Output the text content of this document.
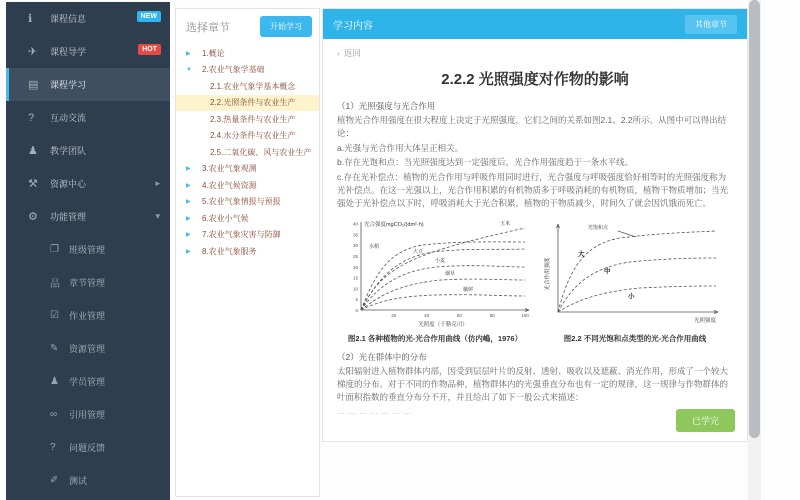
ℹ	课程信息	NEW
✈	课程导学	HOT
▤	课程学习
?	互动交流
♟	教学团队
⚒	资源中心	▸
⚙	功能管理	▾
❐	班级管理
品	章节管理
☑	作业管理
✎	资源管理
♟	学员管理
∞	引用管理
?	问题反馈
✐	测试
选择章节	开始学习
▶ 1.概论
▼ 2.农业气象学基础
2.1.农业气象学基本概念
2.2.光照条件与农业生产
2.3.热量条件与农业生产
2.4.水分条件与农业生产
2.5.二氧化碳、风与农业生产
▶ 3.农业气象观测
▶ 4.农业气候资源
▶ 5.农业气象情报与预报
▶ 6.农业小气候
▶ 7.农业气象灾害与防御
▶ 8.农业气象服务
学习内容	其他章节
‹ 返回
2.2.2 光照强度对作物的影响
（1）光照强度与光合作用
植物光合作用强度在很大程度上决定于光照强度，它们之间的关系如图2.1、2.2所示。从图中可以得出结论：
a.光强与光合作用大体呈正相关。
b.存在光饱和点：当光照强度达到一定强度后，光合作用强度趋于一条水平线。
c.存在光补偿点：植物的光合作用与呼吸作用同时进行，光合强度与呼吸强度恰好相等时的光照强度称为光补偿点。在这一光强以上，光合作用积累的有机物质多于呼吸消耗的有机物质，植物干物质增加；当光强处于光补偿点以下时，呼吸消耗大于光合积累，植物的干物质减少，时间久了就会因饥饿而死亡。
光合强度mgCO₂/(dm²·h)
40
35
30
25
20
15
10
5
0
20	40	60	80	100
光照度（千勒克司）
玉米
水稻
大豆
小麦
烟草
槭树
图2.1 各种植物的光-光合作用曲线（仿内嶋，1976）
光合作用强度
光饱和点
大
中
小
光照强度
图2.2 不同光饱和点类型的光-光合作用曲线
（2）光在群体中的分布
太阳辐射进入植物群体内部，因受到层层叶片的反射、透射、吸收以及遮蔽、消光作用，形成了一个较大梯度的分布。对于不同的作物品种，植物群体内的光强垂直分布也有一定的规律，这一规律与作物群体的叶面积指数的垂直分布分不开，并且给出了如下一般公式来描述：
⋯⋯⋯⋯⋯⋯⋯
已学完
